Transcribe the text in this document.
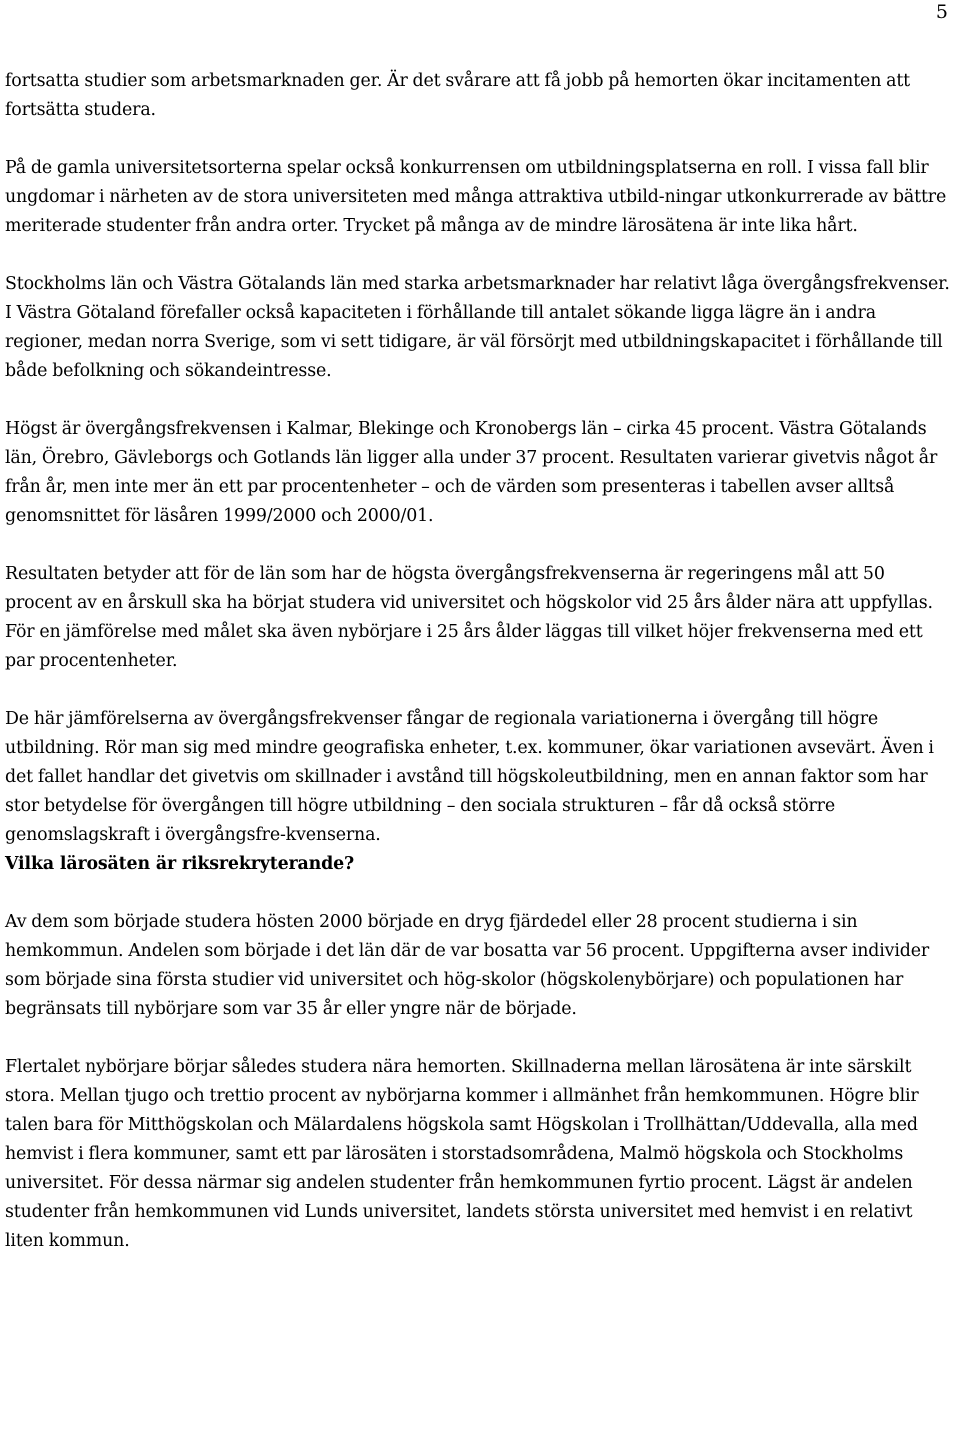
5

fortsatta studier som arbetsmarknaden ger. Är det svårare att få jobb på hemorten ökar incitamenten att fortsätta studera.

På de gamla universitetsorterna spelar också konkurrensen om utbildningsplatserna en roll. I vissa fall blir ungdomar i närheten av de stora universiteten med många attraktiva utbild-ningar utkonkurrerade av bättre meriterade studenter från andra orter. Trycket på många av de mindre lärosätena är inte lika hårt.

Stockholms län och Västra Götalands län med starka arbetsmarknader har relativt låga övergångsfrekvenser. I Västra Götaland förefaller också kapaciteten i förhållande till antalet sökande ligga lägre än i andra regioner, medan norra Sverige, som vi sett tidigare, är väl försörjt med utbildningskapacitet i förhållande till både befolkning och sökandeintresse.

Högst är övergångsfrekvensen i Kalmar, Blekinge och Kronobergs län – cirka 45 procent. Västra Götalands län, Örebro, Gävleborgs och Gotlands län ligger alla under 37 procent. Resultaten varierar givetvis något år från år, men inte mer än ett par procentenheter – och de värden som presenteras i tabellen avser alltså genomsnittet för läsåren 1999/2000 och 2000/01.

Resultaten betyder att för de län som har de högsta övergångsfrekvenserna är regeringens mål att 50 procent av en årskull ska ha börjat studera vid universitet och högskolor vid 25 års ålder nära att uppfyllas. För en jämförelse med målet ska även nybörjare i 25 års ålder läggas till vilket höjer frekvenserna med ett par procentenheter.

De här jämförelserna av övergångsfrekvenser fångar de regionala variationerna i övergång till högre utbildning. Rör man sig med mindre geografiska enheter, t.ex. kommuner, ökar variationen avsevärt. Även i det fallet handlar det givetvis om skillnader i avstånd till högskoleutbildning, men en annan faktor som har stor betydelse för övergången till högre utbildning – den sociala strukturen – får då också större genomslagskraft i övergångsfre-kvenserna.

Vilka lärosäten är riksrekryterande?

Av dem som började studera hösten 2000 började en dryg fjärdedel eller 28 procent studierna i sin hemkommun. Andelen som började i det län där de var bosatta var 56 procent. Uppgifterna avser individer som började sina första studier vid universitet och hög-skolor (högskolenybörjare) och populationen har begränsats till nybörjare som var 35 år eller yngre när de började.

Flertalet nybörjare börjar således studera nära hemorten. Skillnaderna mellan lärosätena är inte särskilt stora. Mellan tjugo och trettio procent av nybörjarna kommer i allmänhet från hemkommunen. Högre blir talen bara för Mitthögskolan och Mälardalens högskola samt Högskolan i Trollhättan/Uddevalla, alla med hemvist i flera kommuner, samt ett par lärosäten i storstadsområdena, Malmö högskola och Stockholms universitet. För dessa närmar sig andelen studenter från hemkommunen fyrtio procent. Lägst är andelen studenter från hemkommunen vid Lunds universitet, landets största universitet med hemvist i en relativt liten kommun.
